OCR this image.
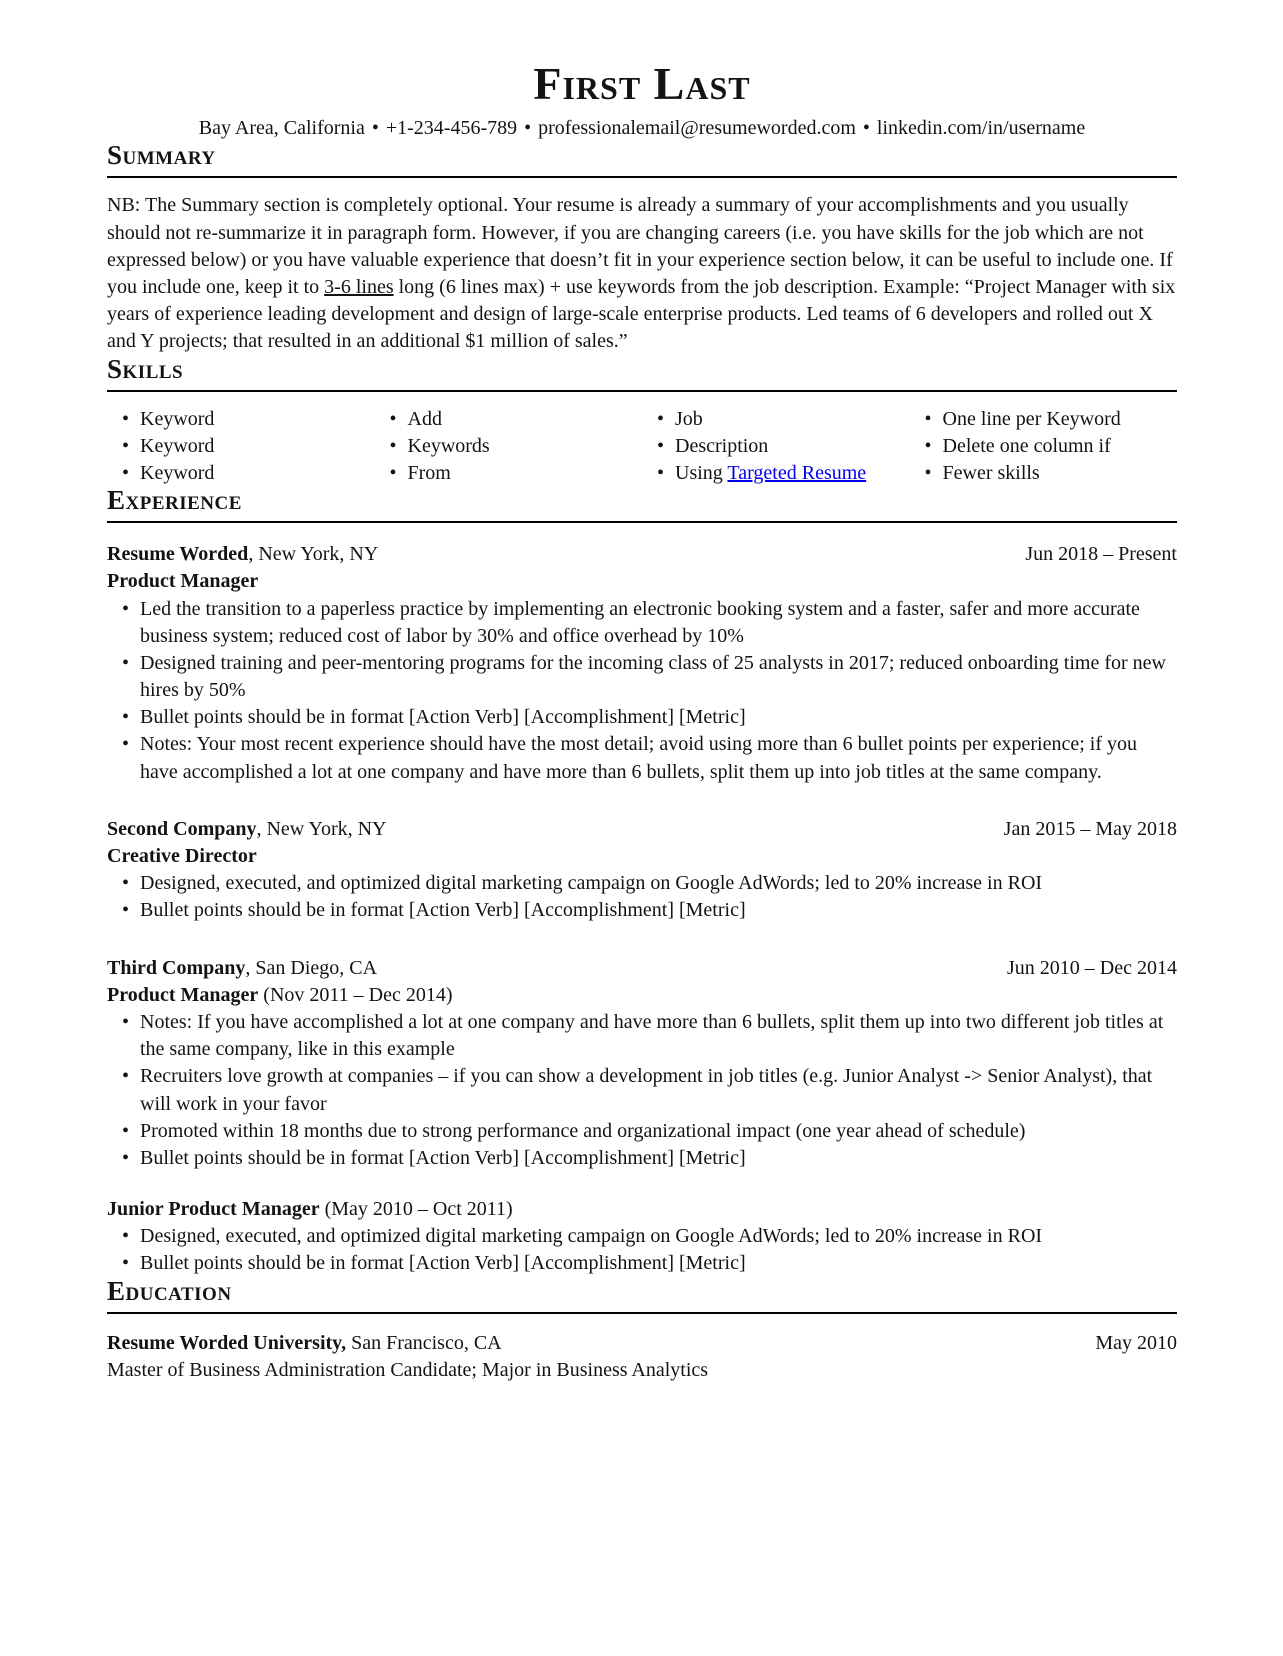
First Last
Bay Area, California • +1-234-456-789 • professionalemail@resumeworded.com • linkedin.com/in/username
Summary

NB: The Summary section is completely optional. Your resume is already a summary of your accomplishments and you usually should not re-summarize it in paragraph form. However, if you are changing careers (i.e. you have skills for the job which are not expressed below) or you have valuable experience that doesn’t fit in your experience section below, it can be useful to include one. If you include one, keep it to 3-6 lines long (6 lines max) + use keywords from the job description. Example: “Project Manager with six years of experience leading development and design of large-scale enterprise products. Led teams of 6 developers and rolled out X and Y projects; that resulted in an additional $1 million of sales.”

Skills
• Keyword
• Keyword
• Keyword
• Add
• Keywords
• From
• Job
• Description
• Using Targeted Resume
• One line per Keyword
• Delete one column if
• Fewer skills
Experience
Resume Worded, New York, NY	Jun 2018 – Present
Product Manager
• Led the transition to a paperless practice by implementing an electronic booking system and a faster, safer and more accurate business system; reduced cost of labor by 30% and office overhead by 10%
• Designed training and peer-mentoring programs for the incoming class of 25 analysts in 2017; reduced onboarding time for new hires by 50%
• Bullet points should be in format [Action Verb] [Accomplishment] [Metric]
• Notes: Your most recent experience should have the most detail; avoid using more than 6 bullet points per experience; if you have accomplished a lot at one company and have more than 6 bullets, split them up into job titles at the same company.
Second Company, New York, NY	Jan 2015 – May 2018
Creative Director
• Designed, executed, and optimized digital marketing campaign on Google AdWords; led to 20% increase in ROI
• Bullet points should be in format [Action Verb] [Accomplishment] [Metric]
Third Company, San Diego, CA	Jun 2010 – Dec 2014
Product Manager (Nov 2011 – Dec 2014)
• Notes: If you have accomplished a lot at one company and have more than 6 bullets, split them up into two different job titles at the same company, like in this example
• Recruiters love growth at companies – if you can show a development in job titles (e.g. Junior Analyst -> Senior Analyst), that will work in your favor
• Promoted within 18 months due to strong performance and organizational impact (one year ahead of schedule)
• Bullet points should be in format [Action Verb] [Accomplishment] [Metric]
Junior Product Manager (May 2010 – Oct 2011)
• Designed, executed, and optimized digital marketing campaign on Google AdWords; led to 20% increase in ROI
• Bullet points should be in format [Action Verb] [Accomplishment] [Metric]
Education
Resume Worded University, San Francisco, CA	May 2010
Master of Business Administration Candidate; Major in Business Analytics
